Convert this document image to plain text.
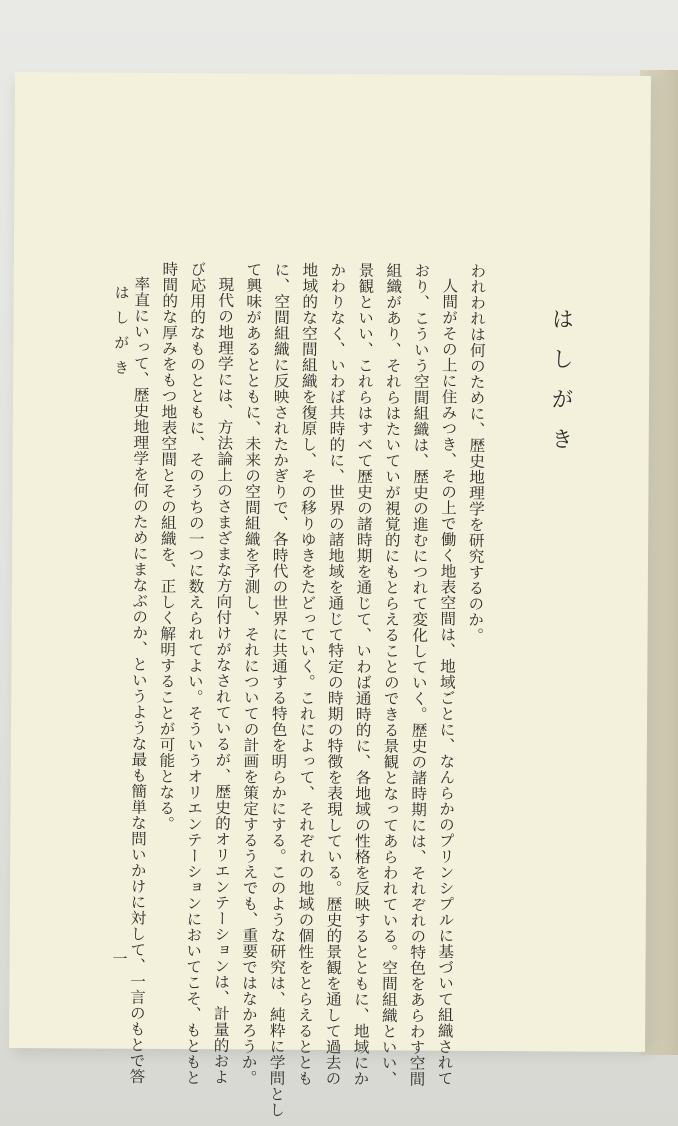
はしがき
われわれは何のために、歴史地理学を研究するのか。
人間がその上に住みつき、その上で働く地表空間は、地域ごとに、なんらかのプリンシプルに基づいて組織されて
おり、こういう空間組織は、歴史の進むにつれて変化していく。歴史の諸時期には、それぞれの特色をあらわす空間
組織があり、それらはたいていが視覚的にもとらえることのできる景観となってあらわれている。空間組織といい、
景観といい、これらはすべて歴史の諸時期を通じて、いわば通時的に、各地域の性格を反映するとともに、地域にか
かわりなく、いわば共時的に、世界の諸地域を通じて特定の時期の特徴を表現している。歴史的景観を通して過去の
地域的な空間組織を復原し、その移りゆきをたどっていく。これによって、それぞれの地域の個性をとらえるととも
に、空間組織に反映されたかぎりで、各時代の世界に共通する特色を明らかにする。このような研究は、純粋に学問とし
て興味があるとともに、未来の空間組織を予測し、それについての計画を策定するうえでも、重要ではなかろうか。
現代の地理学には、方法論上のさまざまな方向付けがなされているが、歴史的オリエンテーションは、計量的およ
び応用的なものとともに、そのうちの一つに数えられてよい。そういうオリエンテーションにおいてこそ、もともと
時間的な厚みをもつ地表空間とその組織を、正しく解明することが可能となる。
率直にいって、歴史地理学を何のためにまなぶのか、というような最も簡単な問いかけに対して、一言のもとで答
はしがき
一
